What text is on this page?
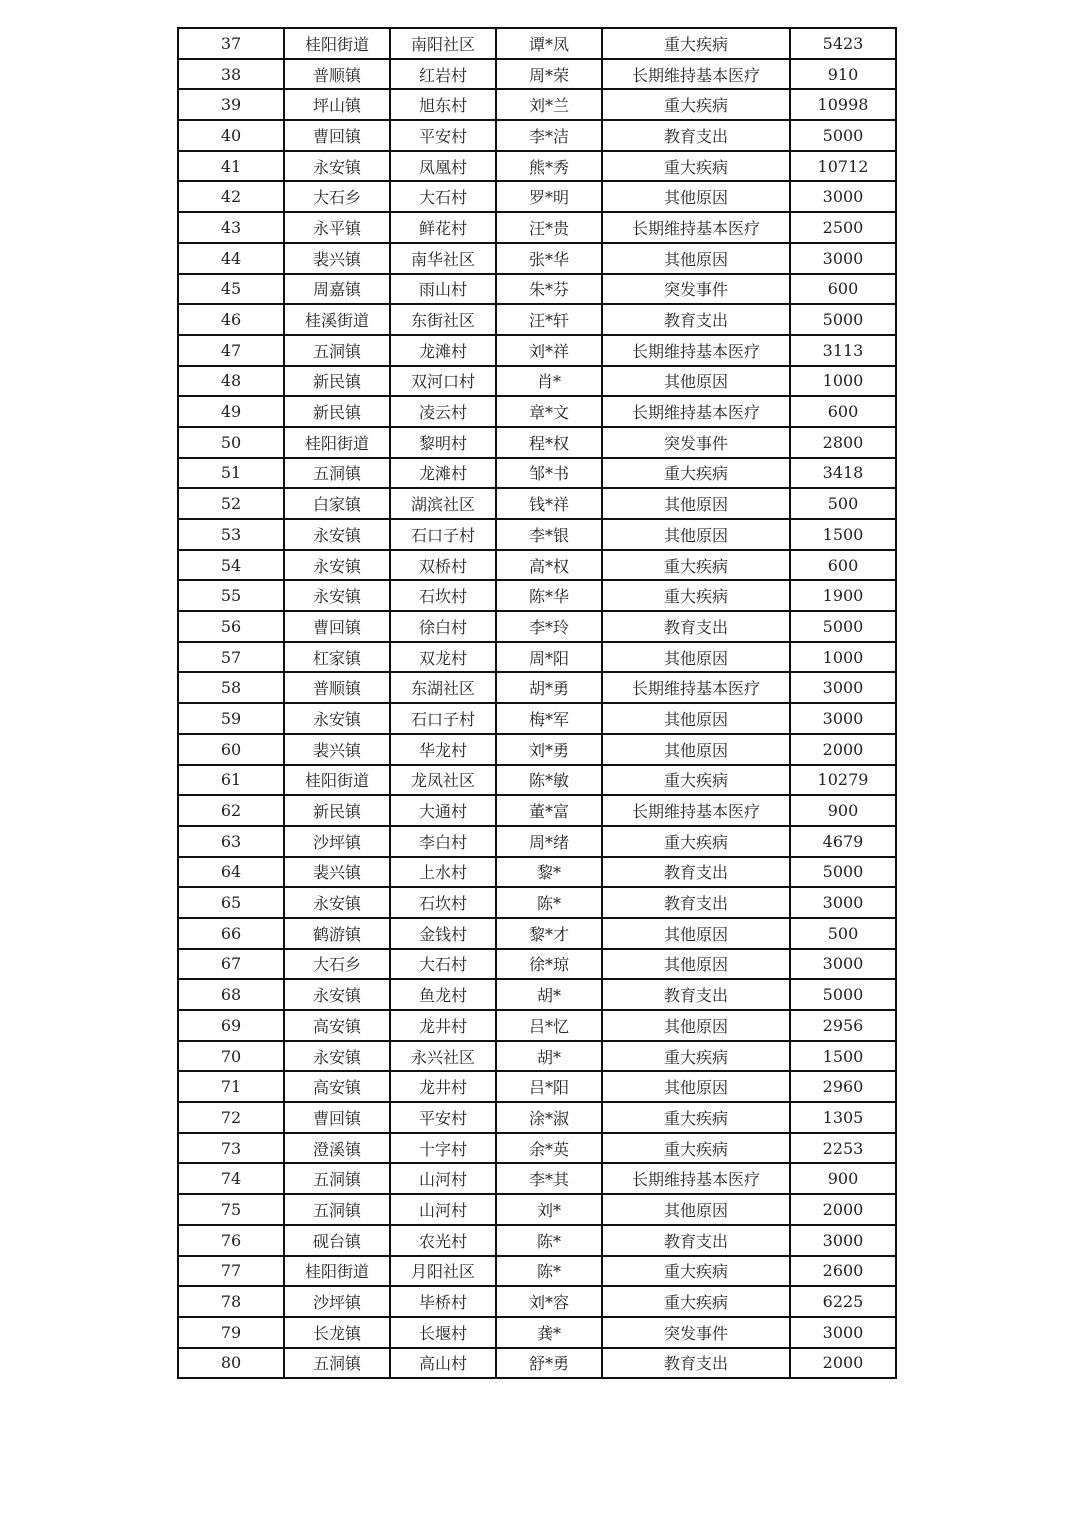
37	桂阳街道	南阳社区	谭*凤	重大疾病	5423
38	普顺镇	红岩村	周*荣	长期维持基本医疗	910
39	坪山镇	旭东村	刘*兰	重大疾病	10998
40	曹回镇	平安村	李*洁	教育支出	5000
41	永安镇	凤凰村	熊*秀	重大疾病	10712
42	大石乡	大石村	罗*明	其他原因	3000
43	永平镇	鲜花村	汪*贵	长期维持基本医疗	2500
44	裴兴镇	南华社区	张*华	其他原因	3000
45	周嘉镇	雨山村	朱*芬	突发事件	600
46	桂溪街道	东街社区	汪*轩	教育支出	5000
47	五洞镇	龙滩村	刘*祥	长期维持基本医疗	3113
48	新民镇	双河口村	肖*	其他原因	1000
49	新民镇	凌云村	章*文	长期维持基本医疗	600
50	桂阳街道	黎明村	程*权	突发事件	2800
51	五洞镇	龙滩村	邹*书	重大疾病	3418
52	白家镇	湖滨社区	钱*祥	其他原因	500
53	永安镇	石口子村	李*银	其他原因	1500
54	永安镇	双桥村	高*权	重大疾病	600
55	永安镇	石坎村	陈*华	重大疾病	1900
56	曹回镇	徐白村	李*玲	教育支出	5000
57	杠家镇	双龙村	周*阳	其他原因	1000
58	普顺镇	东湖社区	胡*勇	长期维持基本医疗	3000
59	永安镇	石口子村	梅*军	其他原因	3000
60	裴兴镇	华龙村	刘*勇	其他原因	2000
61	桂阳街道	龙凤社区	陈*敏	重大疾病	10279
62	新民镇	大通村	董*富	长期维持基本医疗	900
63	沙坪镇	李白村	周*绪	重大疾病	4679
64	裴兴镇	上水村	黎*	教育支出	5000
65	永安镇	石坎村	陈*	教育支出	3000
66	鹤游镇	金钱村	黎*才	其他原因	500
67	大石乡	大石村	徐*琼	其他原因	3000
68	永安镇	鱼龙村	胡*	教育支出	5000
69	高安镇	龙井村	吕*忆	其他原因	2956
70	永安镇	永兴社区	胡*	重大疾病	1500
71	高安镇	龙井村	吕*阳	其他原因	2960
72	曹回镇	平安村	涂*淑	重大疾病	1305
73	澄溪镇	十字村	余*英	重大疾病	2253
74	五洞镇	山河村	李*其	长期维持基本医疗	900
75	五洞镇	山河村	刘*	其他原因	2000
76	砚台镇	农光村	陈*	教育支出	3000
77	桂阳街道	月阳社区	陈*	重大疾病	2600
78	沙坪镇	毕桥村	刘*容	重大疾病	6225
79	长龙镇	长堰村	龚*	突发事件	3000
80	五洞镇	高山村	舒*勇	教育支出	2000
